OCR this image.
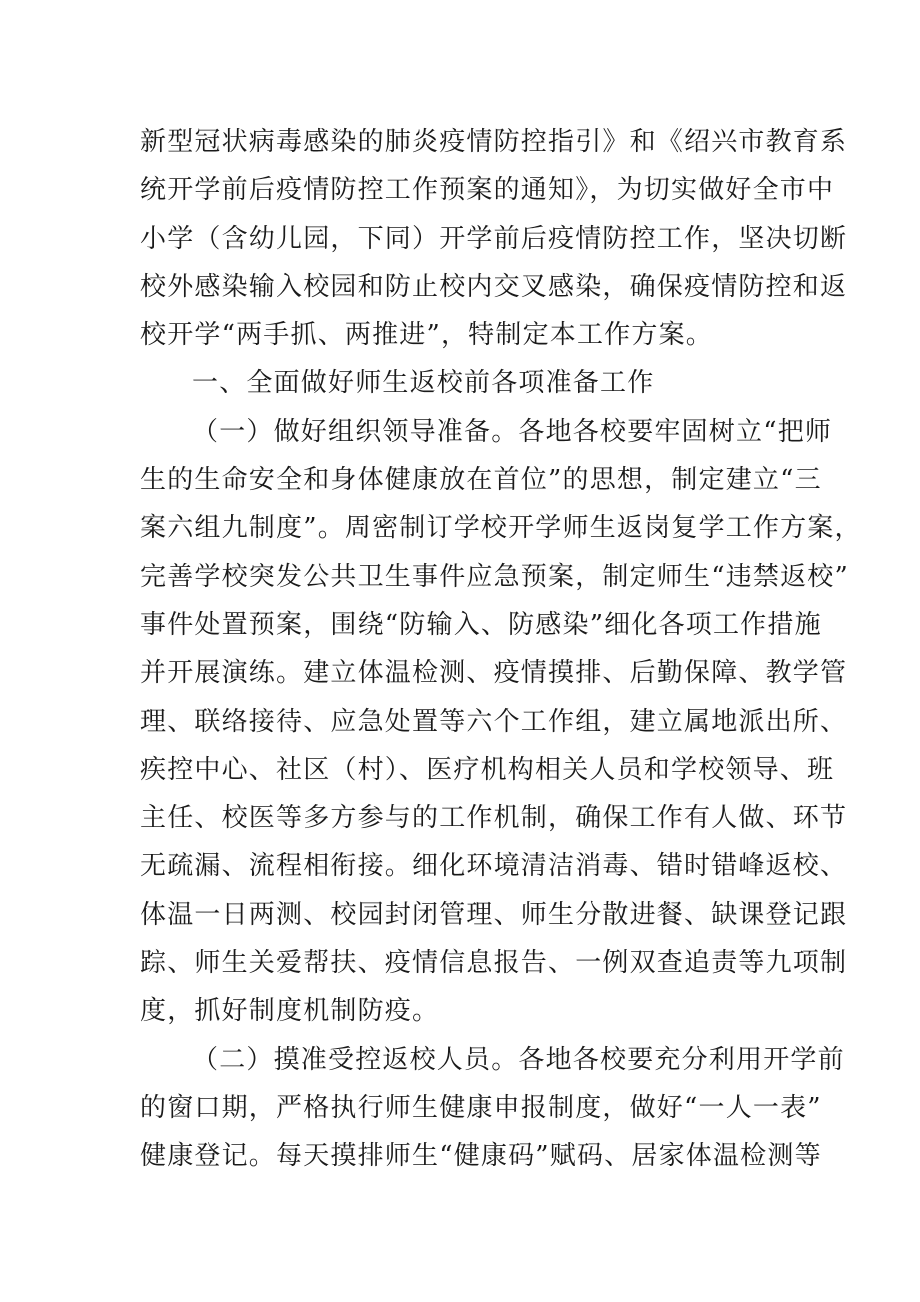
新型冠状病毒感染的肺炎疫情防控指引》和《绍兴市教育系
统开学前后疫情防控工作预案的通知》，为切实做好全市中
小学（含幼儿园，下同）开学前后疫情防控工作，坚决切断
校外感染输入校园和防止校内交叉感染，确保疫情防控和返
校开学“两手抓、两推进”，特制定本工作方案。
一、全面做好师生返校前各项准备工作
（一）做好组织领导准备。各地各校要牢固树立“把师
生的生命安全和身体健康放在首位”的思想，制定建立“三
案六组九制度”。周密制订学校开学师生返岗复学工作方案，
完善学校突发公共卫生事件应急预案，制定师生“违禁返校”
事件处置预案，围绕“防输入、防感染”细化各项工作措施
并开展演练。建立体温检测、疫情摸排、后勤保障、教学管
理、联络接待、应急处置等六个工作组，建立属地派出所、
疾控中心、社区（村）、医疗机构相关人员和学校领导、班
主任、校医等多方参与的工作机制，确保工作有人做、环节
无疏漏、流程相衔接。细化环境清洁消毒、错时错峰返校、
体温一日两测、校园封闭管理、师生分散进餐、缺课登记跟
踪、师生关爱帮扶、疫情信息报告、一例双查追责等九项制
度，抓好制度机制防疫。
（二）摸准受控返校人员。各地各校要充分利用开学前
的窗口期，严格执行师生健康申报制度，做好“一人一表”
健康登记。每天摸排师生“健康码”赋码、居家体温检测等
